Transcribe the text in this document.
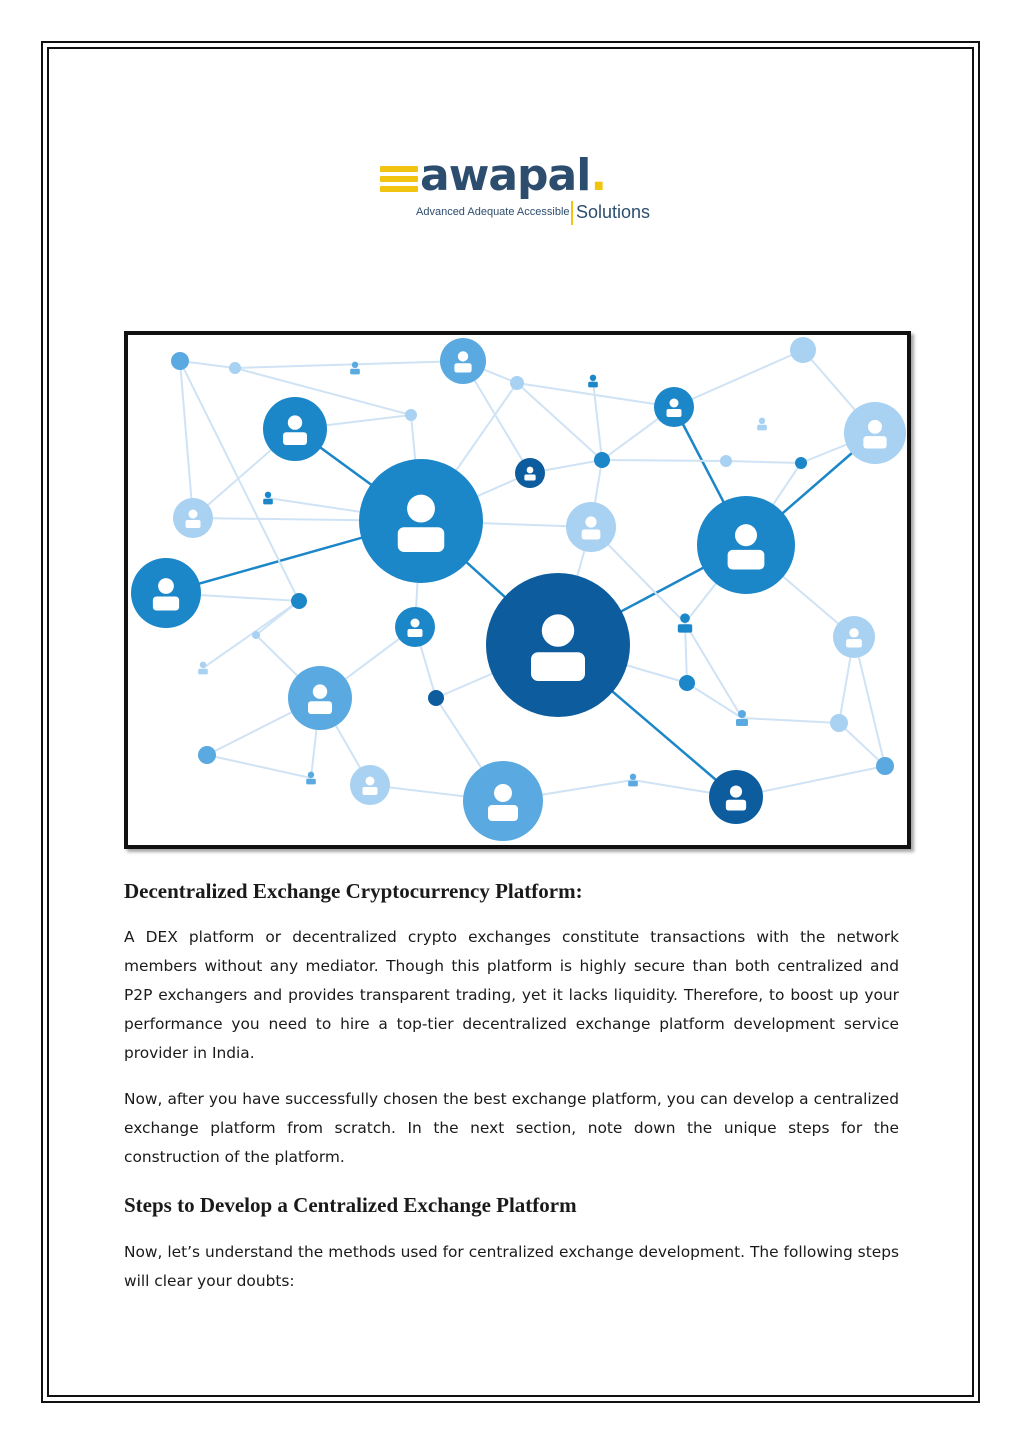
awapal.
Advanced Adequate Accessible Solutions
Decentralized Exchange Cryptocurrency Platform:

A DEX platform or decentralized crypto exchanges constitute transactions with the network members without any mediator. Though this platform is highly secure than both centralized and P2P exchangers and provides transparent trading, yet it lacks liquidity. Therefore, to boost up your performance you need to hire a top-tier decentralized exchange platform development service provider in India.

Now, after you have successfully chosen the best exchange platform, you can develop a centralized exchange platform from scratch. In the next section, note down the unique steps for the construction of the platform.

Steps to Develop a Centralized Exchange Platform

Now, let’s understand the methods used for centralized exchange development. The following steps will clear your doubts:
